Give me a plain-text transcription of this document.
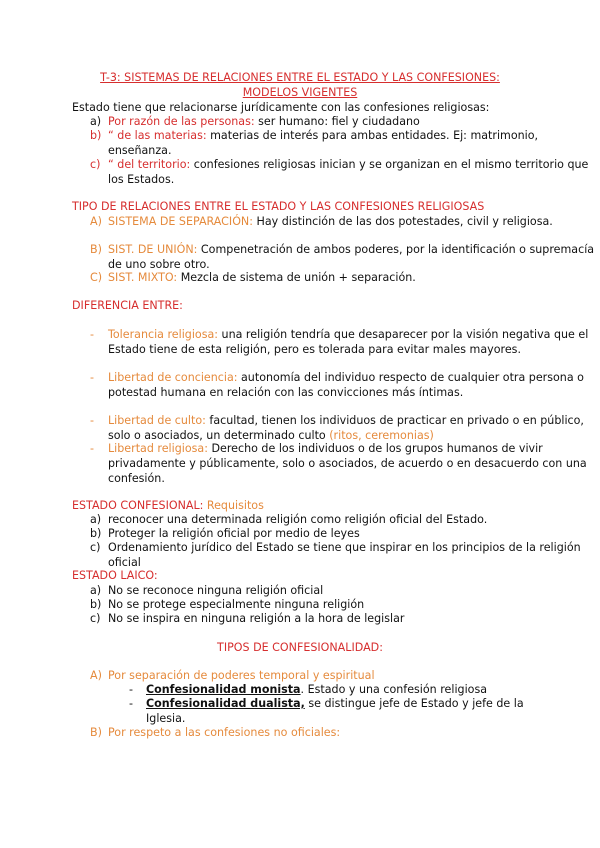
T-3: SISTEMAS DE RELACIONES ENTRE EL ESTADO Y LAS CONFESIONES:
MODELOS VIGENTES
Estado tiene que relacionarse jurídicamente con las confesiones religiosas:
a) Por razón de las personas: ser humano: fiel y ciudadano
b) “ de las materias: materias de interés para ambas entidades. Ej: matrimonio, enseñanza.
c) “ del territorio: confesiones religiosas inician y se organizan en el mismo territorio que los Estados.
TIPO DE RELACIONES ENTRE EL ESTADO Y LAS CONFESIONES RELIGIOSAS
A) SISTEMA DE SEPARACIÓN: Hay distinción de las dos potestades, civil y religiosa.
B) SIST. DE UNIÓN: Compenetración de ambos poderes, por la identificación o supremacía de uno sobre otro.
C) SIST. MIXTO: Mezcla de sistema de unión + separación.
DIFERENCIA ENTRE:
- Tolerancia religiosa: una religión tendría que desaparecer por la visión negativa que el Estado tiene de esta religión, pero es tolerada para evitar males mayores.
- Libertad de conciencia: autonomía del individuo respecto de cualquier otra persona o potestad humana en relación con las convicciones más íntimas.
- Libertad de culto: facultad, tienen los individuos de practicar en privado o en público, solo o asociados, un determinado culto (ritos, ceremonias)
- Libertad religiosa: Derecho de los individuos o de los grupos humanos de vivir privadamente y públicamente, solo o asociados, de acuerdo o en desacuerdo con una confesión.
ESTADO CONFESIONAL: Requisitos
a) reconocer una determinada religión como religión oficial del Estado.
b) Proteger la religión oficial por medio de leyes
c) Ordenamiento jurídico del Estado se tiene que inspirar en los principios de la religión oficial
ESTADO LAICO:
a) No se reconoce ninguna religión oficial
b) No se protege especialmente ninguna religión
c) No se inspira en ninguna religión a la hora de legislar
TIPOS DE CONFESIONALIDAD:
A) Por separación de poderes temporal y espiritual
- Confesionalidad monista. Estado y una confesión religiosa
- Confesionalidad dualista, se distingue jefe de Estado y jefe de la Iglesia.
B) Por respeto a las confesiones no oficiales:
